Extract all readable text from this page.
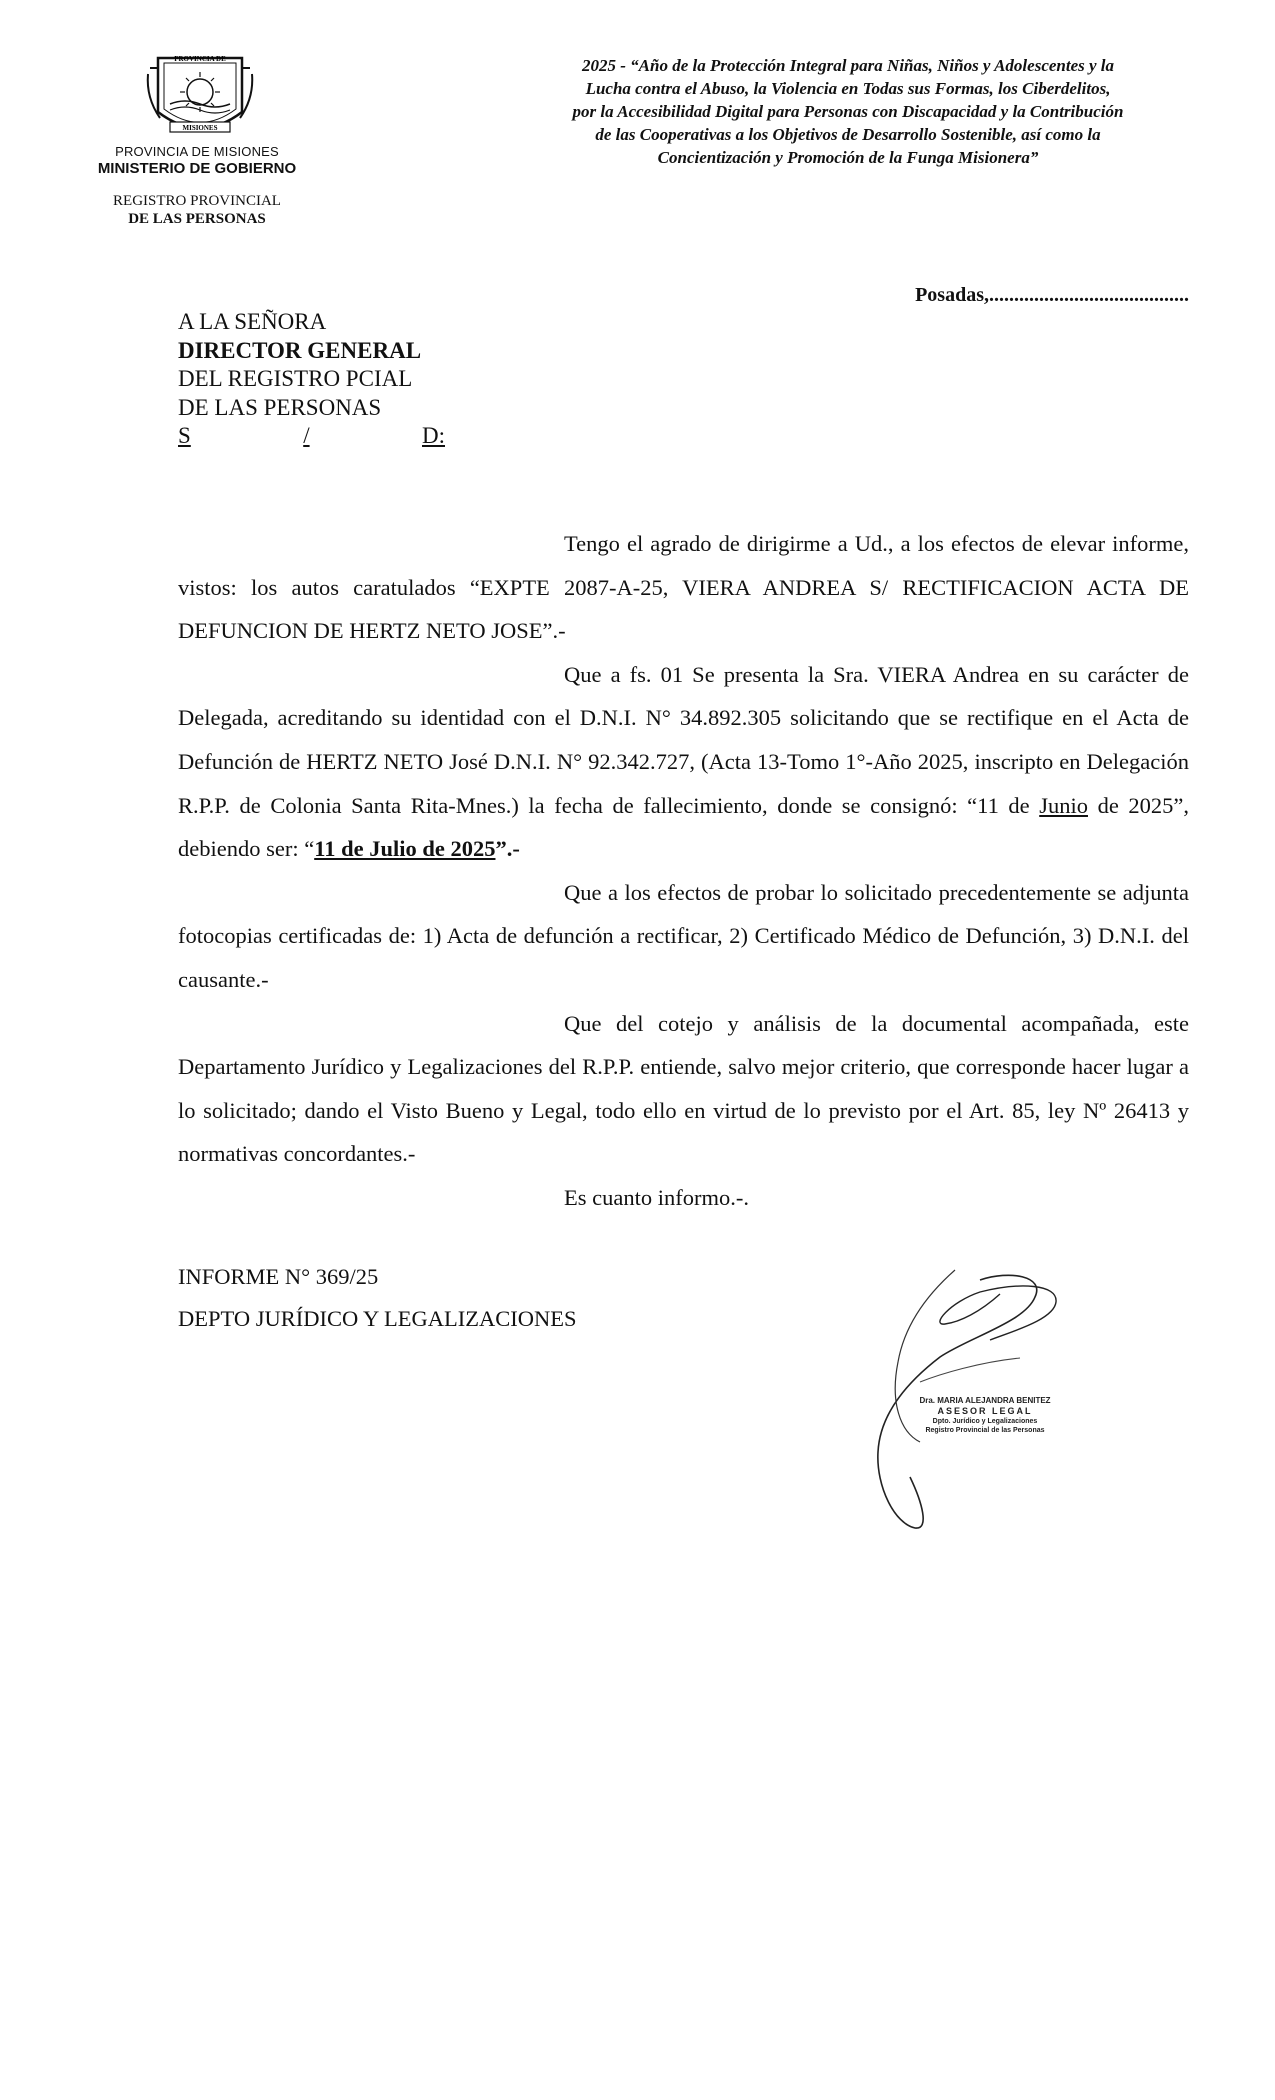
PROVINCIA DE
MISIONES
PROVINCIA DE MISIONES
MINISTERIO DE GOBIERNO
REGISTRO PROVINCIAL
DE LAS PERSONAS
2025 - “Año de la Protección Integral para Niñas, Niños y Adolescentes y la
Lucha contra el Abuso, la Violencia en Todas sus Formas, los Ciberdelitos,
por la Accesibilidad Digital para Personas con Discapacidad y la Contribución
de las Cooperativas a los Objetivos de Desarrollo Sostenible, así como la
Concientización y Promoción de la Funga Misionera”
Posadas,........................................
A LA SEÑORA
DIRECTOR GENERAL
DEL REGISTRO PCIAL
DE LAS PERSONAS
S	/	D:

Tengo el agrado de dirigirme a Ud., a los efectos de elevar informe, vistos: los autos caratulados “EXPTE 2087-A-25, VIERA ANDREA S/ RECTIFICACION ACTA DE DEFUNCION DE HERTZ NETO JOSE”.-

Que a fs. 01 Se presenta la Sra. VIERA Andrea en su carácter de Delegada, acreditando su identidad con el D.N.I. N° 34.892.305 solicitando que se rectifique en el Acta de Defunción de HERTZ NETO José D.N.I. N° 92.342.727, (Acta 13-Tomo 1°-Año 2025, inscripto en Delegación R.P.P. de Colonia Santa Rita-Mnes.) la fecha de fallecimiento, donde se consignó: “11 de Junio de 2025”, debiendo ser: “11 de Julio de 2025”.-

Que a los efectos de probar lo solicitado precedentemente se adjunta fotocopias certificadas de: 1) Acta de defunción a rectificar, 2) Certificado Médico de Defunción, 3) D.N.I. del causante.-

Que del cotejo y análisis de la documental acompañada, este Departamento Jurídico y Legalizaciones del R.P.P. entiende, salvo mejor criterio, que corresponde hacer lugar a lo solicitado; dando el Visto Bueno y Legal, todo ello en virtud de lo previsto por el Art. 85, ley Nº 26413 y normativas concordantes.-

Es cuanto informo.-.

INFORME N° 369/25
DEPTO JURÍDICO Y LEGALIZACIONES
Dra. MARIA ALEJANDRA BENITEZ
ASESOR LEGAL
Dpto. Jurídico y Legalizaciones
Registro Provincial de las Personas
